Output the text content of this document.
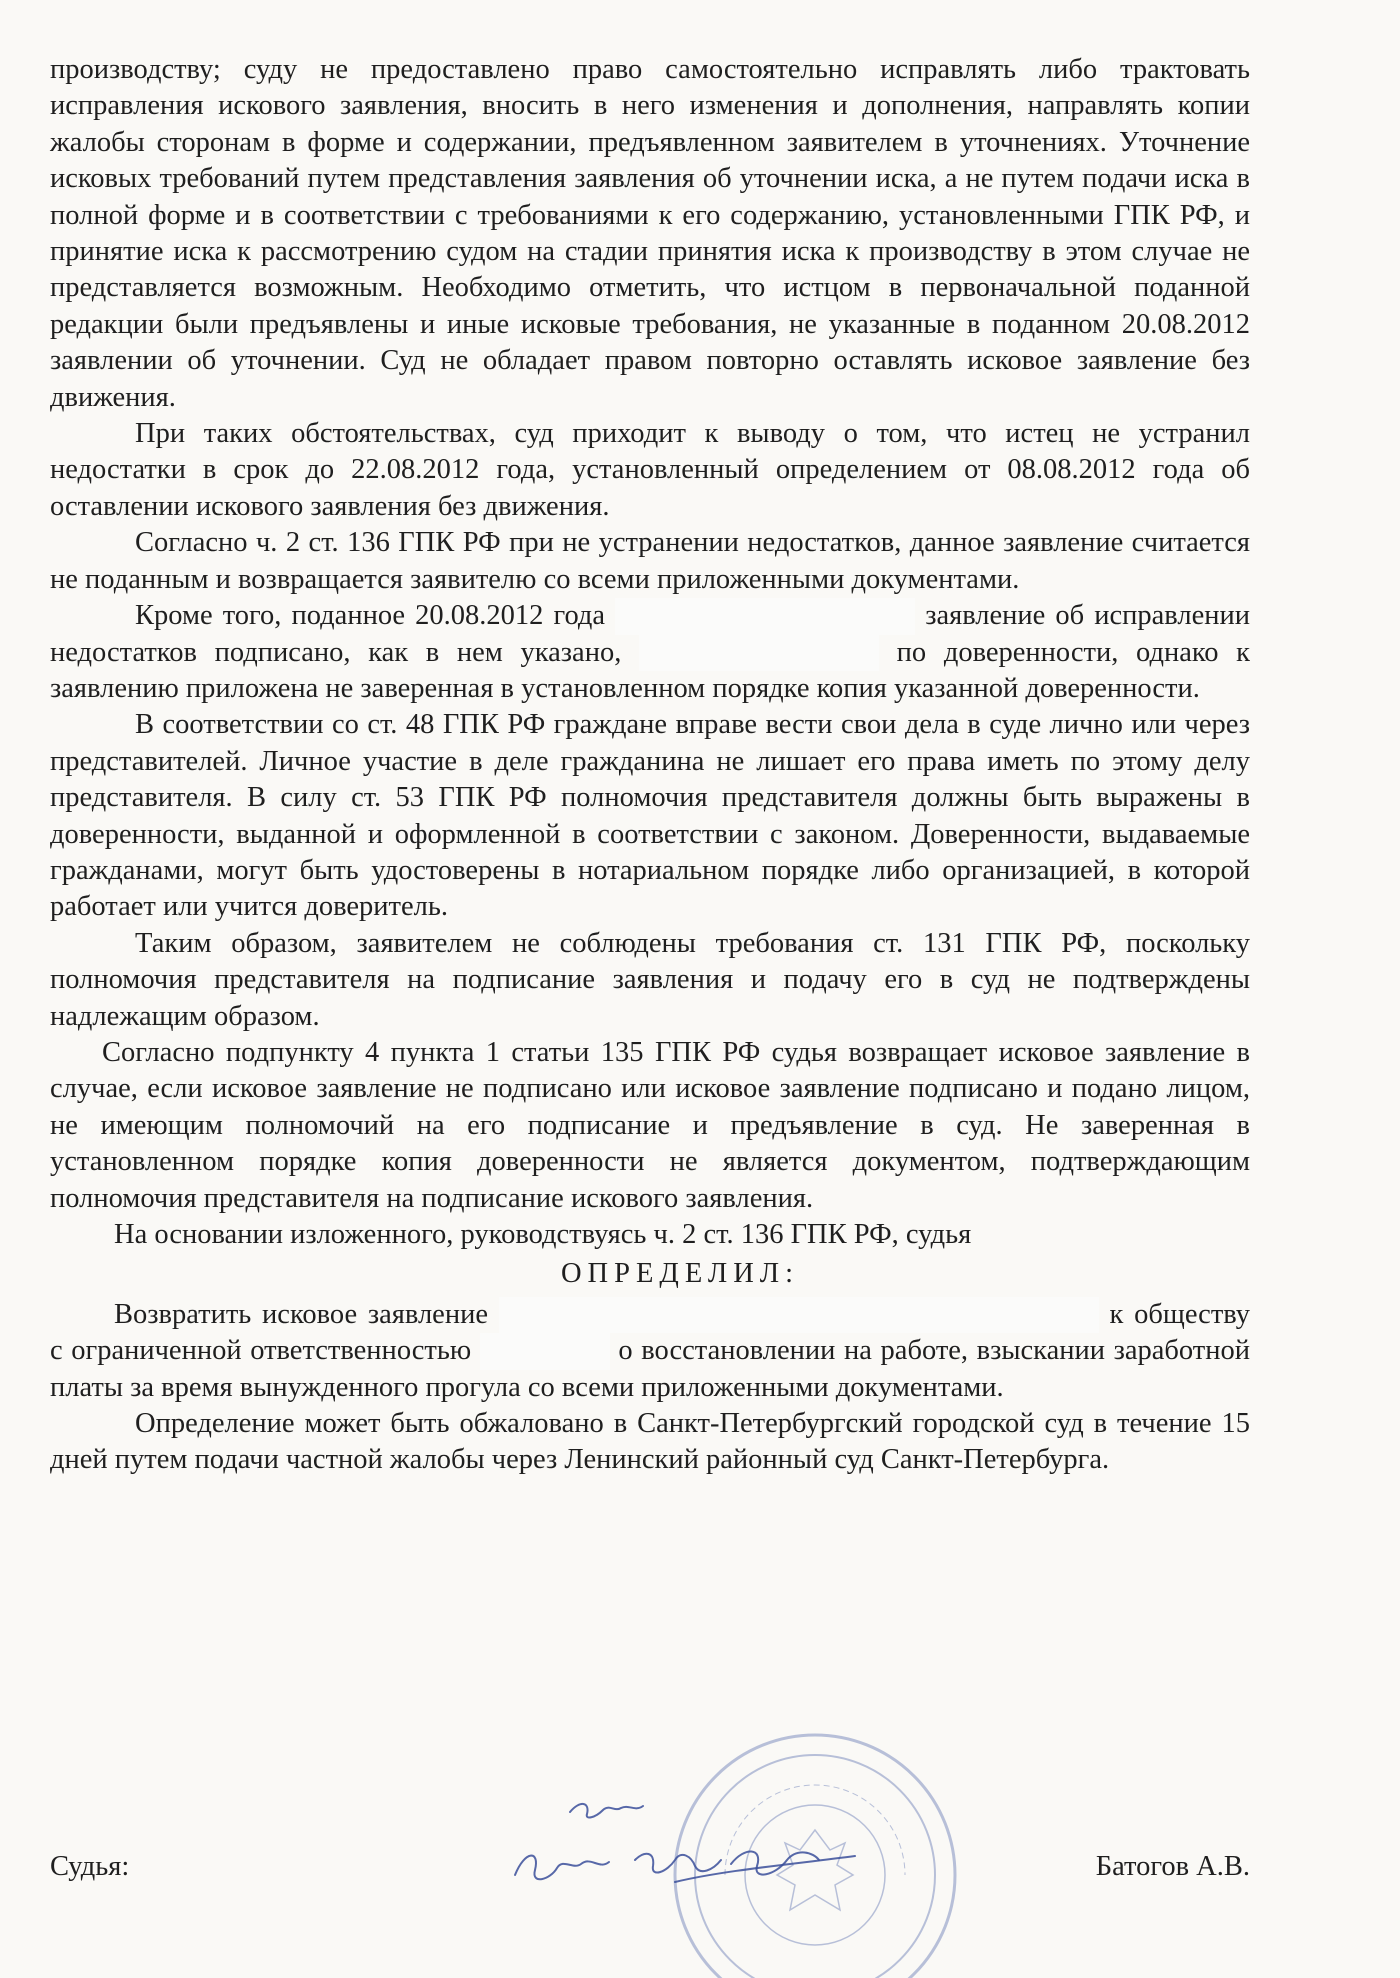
производству; суду не предоставлено право самостоятельно исправлять либо трактовать исправления искового заявления, вносить в него изменения и дополнения, направлять копии жалобы сторонам в форме и содержании, предъявленном заявителем в уточнениях. Уточнение исковых требований путем представления заявления об уточнении иска, а не путем подачи иска в полной форме и в соответствии с требованиями к его содержанию, установленными ГПК РФ, и принятие иска к рассмотрению судом на стадии принятия иска к производству в этом случае не представляется возможным. Необходимо отметить, что истцом в первоначальной поданной редакции были предъявлены и иные исковые требования, не указанные в поданном 20.08.2012 заявлении об уточнении. Суд не обладает правом повторно оставлять исковое заявление без движения.

При таких обстоятельствах, суд приходит к выводу о том, что истец не устранил недостатки в срок до 22.08.2012 года, установленный определением от 08.08.2012 года об оставлении искового заявления без движения.

Согласно ч. 2 ст. 136 ГПК РФ при не устранении недостатков, данное заявление считается не поданным и возвращается заявителю со всеми приложенными документами.

Кроме того, поданное 20.08.2012 года	заявление об исправлении недостатков подписано, как в нем указано,	по доверенности, однако к заявлению приложена не заверенная в установленном порядке копия указанной доверенности.

В соответствии со ст. 48 ГПК РФ граждане вправе вести свои дела в суде лично или через представителей. Личное участие в деле гражданина не лишает его права иметь по этому делу представителя. В силу ст. 53 ГПК РФ полномочия представителя должны быть выражены в доверенности, выданной и оформленной в соответствии с законом. Доверенности, выдаваемые гражданами, могут быть удостоверены в нотариальном порядке либо организацией, в которой работает или учится доверитель.

Таким образом, заявителем не соблюдены требования ст. 131 ГПК РФ, поскольку полномочия представителя на подписание заявления и подачу его в суд не подтверждены надлежащим образом.

Согласно подпункту 4 пункта 1 статьи 135 ГПК РФ судья возвращает исковое заявление в случае, если исковое заявление не подписано или исковое заявление подписано и подано лицом, не имеющим полномочий на его подписание и предъявление в суд. Не заверенная в установленном порядке копия доверенности не является документом, подтверждающим полномочия представителя на подписание искового заявления.

На основании изложенного, руководствуясь ч. 2 ст. 136 ГПК РФ, судья

ОПРЕДЕЛИЛ:

Возвратить исковое заявление	к обществу с ограниченной ответственностью	о восстановлении на работе, взыскании заработной платы за время вынужденного прогула со всеми приложенными документами.

Определение может быть обжаловано в Санкт-Петербургский городской суд в течение 15 дней путем подачи частной жалобы через Ленинский районный суд Санкт-Петербурга.

Судья:	Батогов А.В.
